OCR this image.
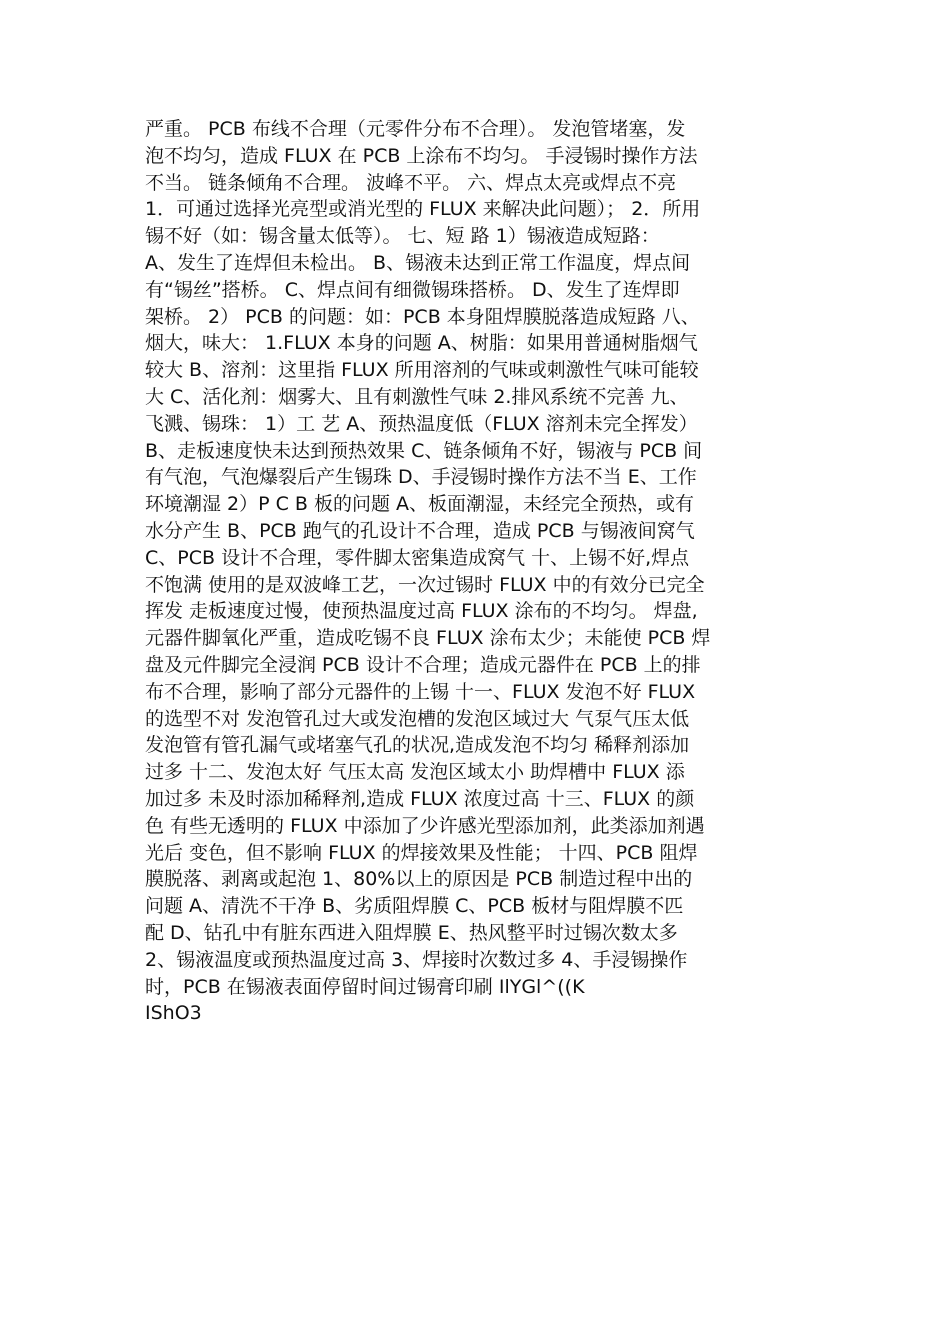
严重。 PCB 布线不合理（元零件分布不合理）。 发泡管堵塞，发
泡不均匀，造成 FLUX 在 PCB 上涂布不均匀。 手浸锡时操作方法
不当。 链条倾角不合理。 波峰不平。 六、焊点太亮或焊点不亮
1．可通过选择光亮型或消光型的 FLUX 来解决此问题）； 2．所用
锡不好（如：锡含量太低等）。 七、短 路 1）锡液造成短路：
A、发生了连焊但未检出。 B、锡液未达到正常工作温度，焊点间
有“锡丝”搭桥。 C、焊点间有细微锡珠搭桥。 D、发生了连焊即
架桥。 2） PCB 的问题：如：PCB 本身阻焊膜脱落造成短路 八、
烟大，味大： 1.FLUX 本身的问题 A、树脂：如果用普通树脂烟气
较大 B、溶剂：这里指 FLUX 所用溶剂的气味或刺激性气味可能较
大 C、活化剂：烟雾大、且有刺激性气味 2.排风系统不完善 九、
飞溅、锡珠： 1）工 艺 A、预热温度低（FLUX 溶剂未完全挥发）
B、走板速度快未达到预热效果 C、链条倾角不好，锡液与 PCB 间
有气泡，气泡爆裂后产生锡珠 D、手浸锡时操作方法不当 E、工作
环境潮湿 2）P C B 板的问题 A、板面潮湿，未经完全预热，或有
水分产生 B、PCB 跑气的孔设计不合理，造成 PCB 与锡液间窝气
C、PCB 设计不合理，零件脚太密集造成窝气 十、上锡不好,焊点
不饱满 使用的是双波峰工艺，一次过锡时 FLUX 中的有效分已完全
挥发 走板速度过慢，使预热温度过高 FLUX 涂布的不均匀。 焊盘,
元器件脚氧化严重，造成吃锡不良 FLUX 涂布太少；未能使 PCB 焊
盘及元件脚完全浸润 PCB 设计不合理；造成元器件在 PCB 上的排
布不合理，影响了部分元器件的上锡 十一、FLUX 发泡不好 FLUX
的选型不对 发泡管孔过大或发泡槽的发泡区域过大 气泵气压太低
发泡管有管孔漏气或堵塞气孔的状况,造成发泡不均匀 稀释剂添加
过多 十二、发泡太好 气压太高 发泡区域太小 助焊槽中 FLUX 添
加过多 未及时添加稀释剂,造成 FLUX 浓度过高 十三、FLUX 的颜
色 有些无透明的 FLUX 中添加了少许感光型添加剂，此类添加剂遇
光后 变色，但不影响 FLUX 的焊接效果及性能； 十四、PCB 阻焊
膜脱落、剥离或起泡 1、80%以上的原因是 PCB 制造过程中出的
问题 A、清洗不干净 B、劣质阻焊膜 C、PCB 板材与阻焊膜不匹
配 D、钻孔中有脏东西进入阻焊膜 E、热风整平时过锡次数太多
2、锡液温度或预热温度过高 3、焊接时次数过多 4、手浸锡操作
时，PCB 在锡液表面停留时间过锡膏印刷 IlYGl^((K
IShO3
